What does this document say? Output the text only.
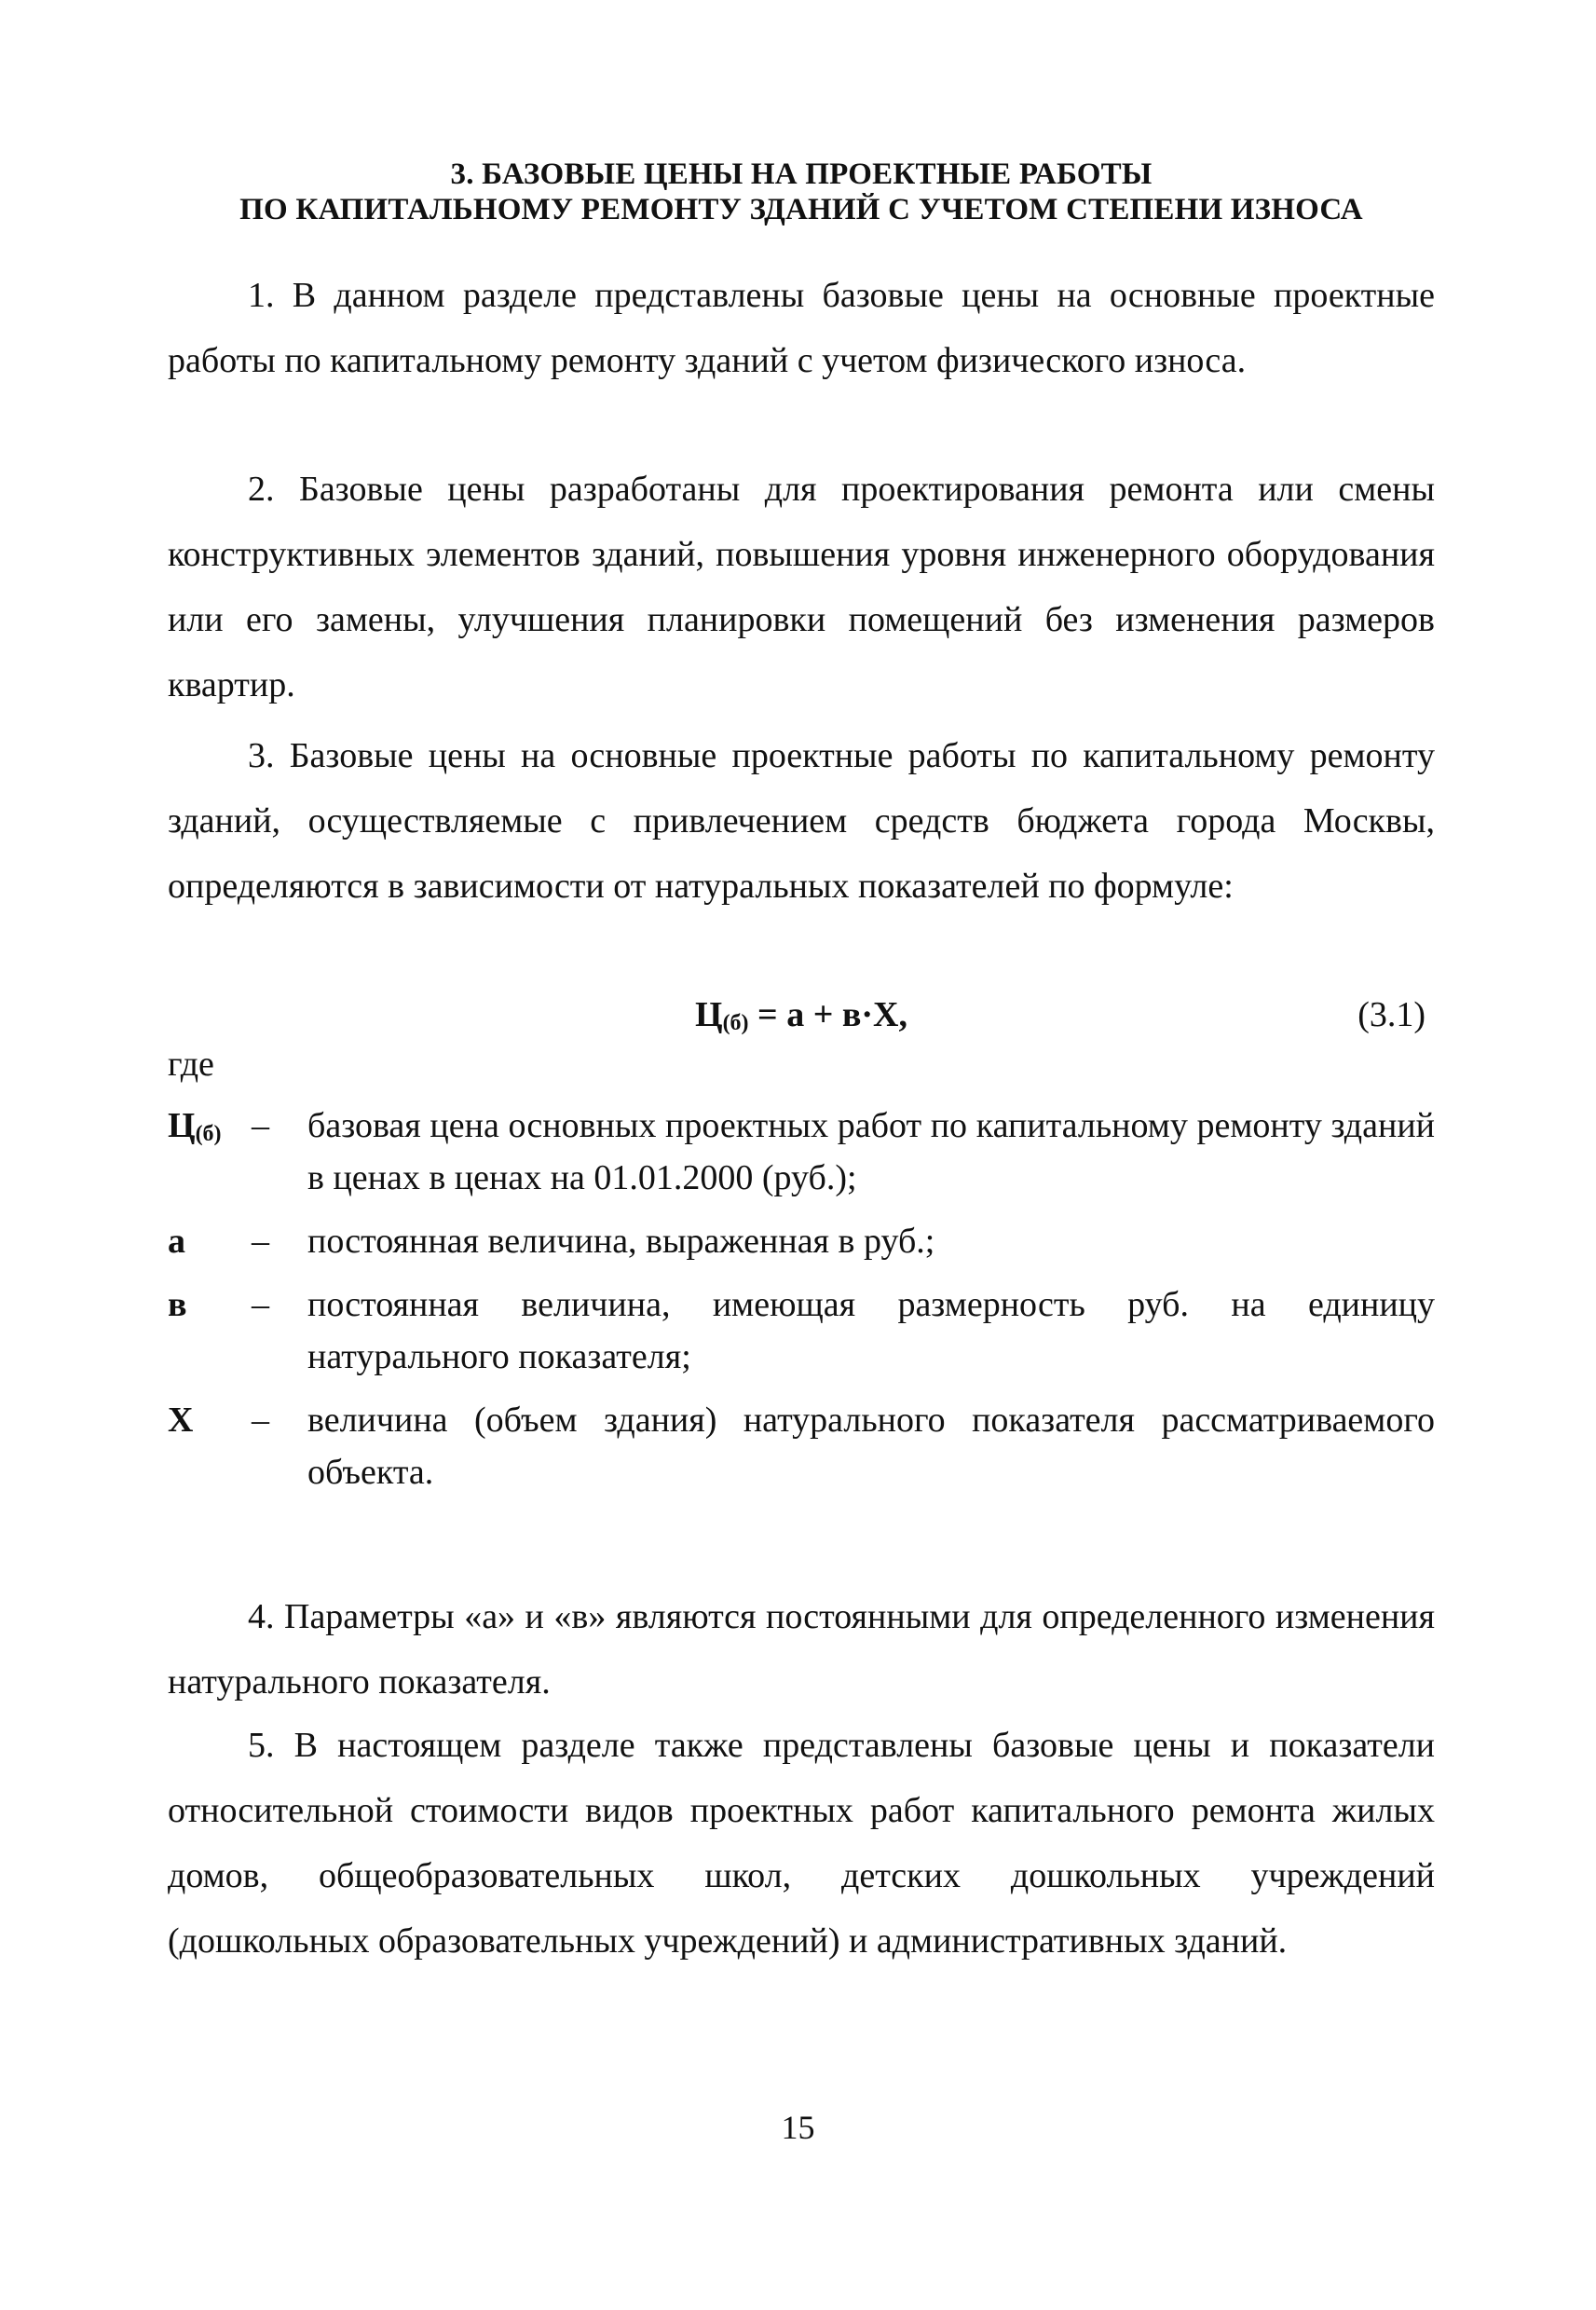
3. БАЗОВЫЕ ЦЕНЫ НА ПРОЕКТНЫЕ РАБОТЫ
ПО КАПИТАЛЬНОМУ РЕМОНТУ ЗДАНИЙ С УЧЕТОМ СТЕПЕНИ ИЗНОСА

1. В данном разделе представлены базовые цены на основные проектные работы по капитальному ремонту зданий с учетом физического износа.

2. Базовые цены разработаны для проектирования ремонта или смены конструктивных элементов зданий, повышения уровня инженерного оборудования или его замены, улучшения планировки помещений без изменения размеров квартир.

3. Базовые цены на основные проектные работы по капитальному ремонту зданий, осуществляемые с привлечением средств бюджета города Москвы, определяются в зависимости от натуральных показателей по формуле:

$Ц_{(б)} = а + в\cdot Х$,	(3.1)
где
$Ц_{(б)}$ –	базовая цена основных проектных работ по капитальному ремонту зданий в ценах в ценах на 01.01.2000 (руб.);
а	–	постоянная величина, выраженная в руб.;
в	–	постоянная величина, имеющая размерность руб. на единицу натурального показателя;
Х	–	величина (объем здания) натурального показателя рассматриваемого объекта.

4. Параметры «а» и «в» являются постоянными для определенного изменения натурального показателя.

5. В настоящем разделе также представлены базовые цены и показатели относительной стоимости видов проектных работ капитального ремонта жилых домов, общеобразовательных школ, детских дошкольных учреждений (дошкольных образовательных учреждений) и административных зданий.

15
